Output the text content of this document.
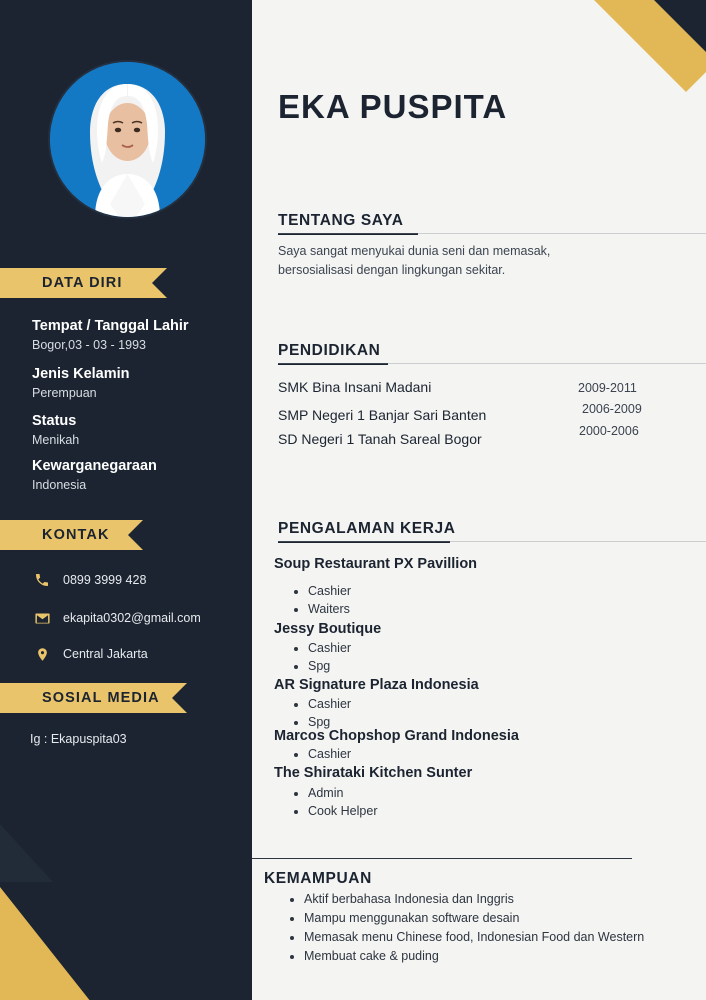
DATA DIRI
Tempat / Tanggal Lahir
Bogor,03 - 03 - 1993
Jenis Kelamin
Perempuan
Status
Menikah
Kewarganegaraan
Indonesia
KONTAK
0899 3999 428
ekapita0302@gmail.com
Central Jakarta
SOSIAL MEDIA
Ig : Ekapuspita03
EKA PUSPITA
TENTANG SAYA
Saya sangat menyukai dunia seni dan memasak, bersosialisasi dengan lingkungan sekitar.
PENDIDIKAN
SMK Bina Insani Madani	2009-2011
SMP Negeri 1 Banjar Sari Banten	2006-2009
SD Negeri 1 Tanah Sareal Bogor	2000-2006
PENGALAMAN KERJA
Soup Restaurant PX Pavillion
• Cashier
• Waiters
Jessy Boutique
• Cashier
• Spg
AR Signature Plaza Indonesia
• Cashier
• Spg
Marcos Chopshop Grand Indonesia
• Cashier
The Shirataki Kitchen Sunter
• Admin
• Cook Helper
KEMAMPUAN
• Aktif berbahasa Indonesia dan Inggris
• Mampu menggunakan software desain
• Memasak menu Chinese food, Indonesian Food dan Western
• Membuat cake & puding
